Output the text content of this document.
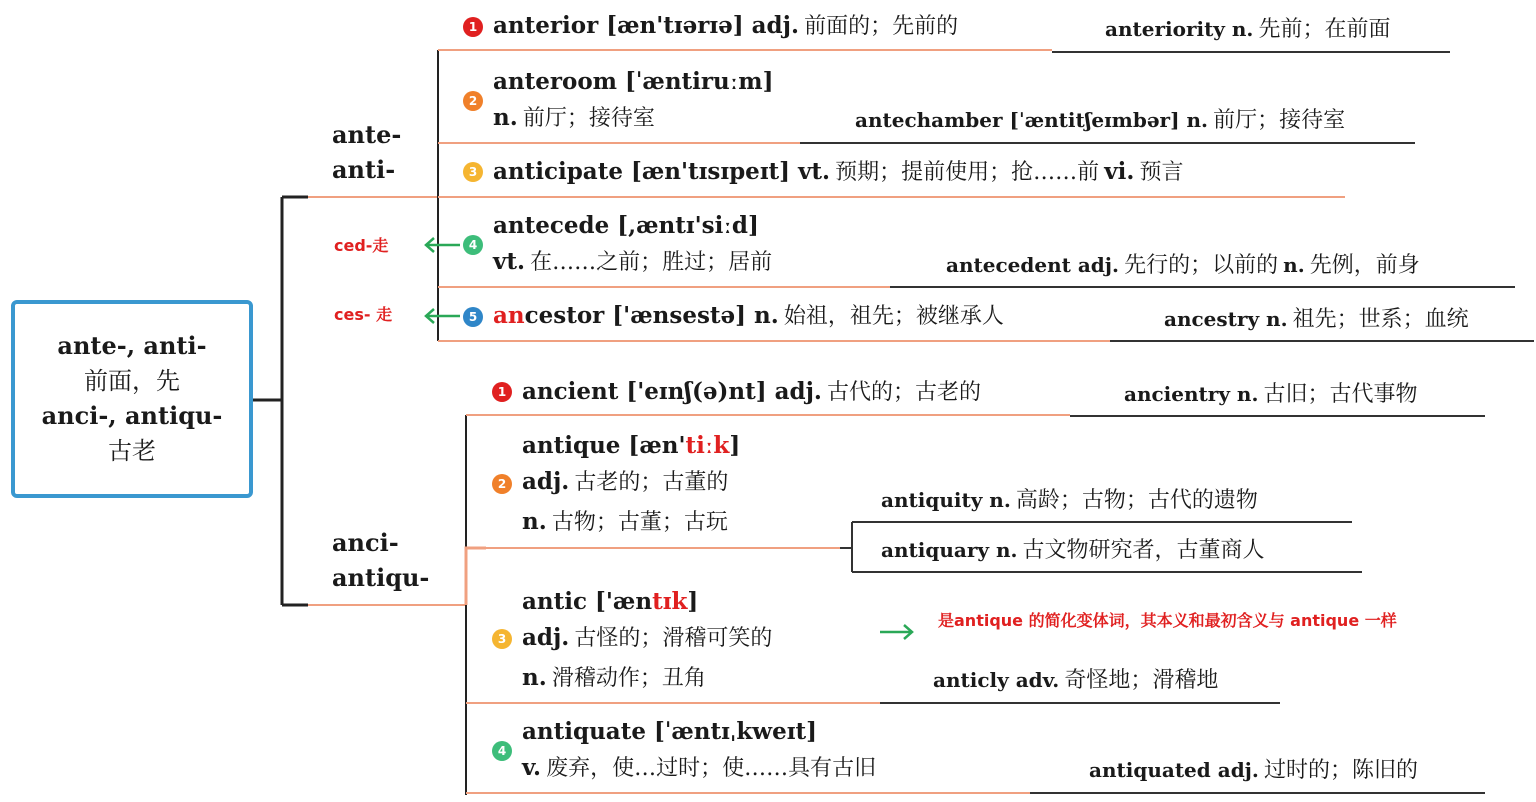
ante-, anti-
前面，先
anci-, antiqu-
古老
ante-
anti-
anci-
antiqu-
ced-走
ces- 走
1 anterior [æn'tɪərɪə] adj. 前面的；先前的	anteriority n. 先前；在前面
2
anteroom [ˈæntiruːm]
n. 前厅；接待室	antechamber [ˈæntitʃeɪmbər] n. 前厅；接待室
3 anticipate [æn'tɪsɪpeɪt] vt. 预期；提前使用；抢……前 vi. 预言
4
antecede [,æntɪ'siːd]
vt. 在……之前；胜过；居前	antecedent adj. 先行的；以前的 n. 先例，前身
5 ancestor ['ænsestə] n. 始祖，祖先；被继承人	ancestry n. 祖先；世系；血统
1 ancient ['eɪnʃ(ə)nt] adj. 古代的；古老的	ancientry n. 古旧；古代事物
2
antique [æn'tiːk]
adj. 古老的；古董的
n. 古物；古董；古玩
antiquity n. 高龄；古物；古代的遗物
antiquary n. 古文物研究者，古董商人
3
antic ['æntɪk]
adj. 古怪的；滑稽可笑的
n. 滑稽动作；丑角
是antique 的简化变体词，其本义和最初含义与 antique 一样
anticly adv. 奇怪地；滑稽地
4
antiquate [ˈæntɪˌkweɪt]
v. 废弃，使…过时；使……具有古旧	antiquated adj. 过时的；陈旧的
